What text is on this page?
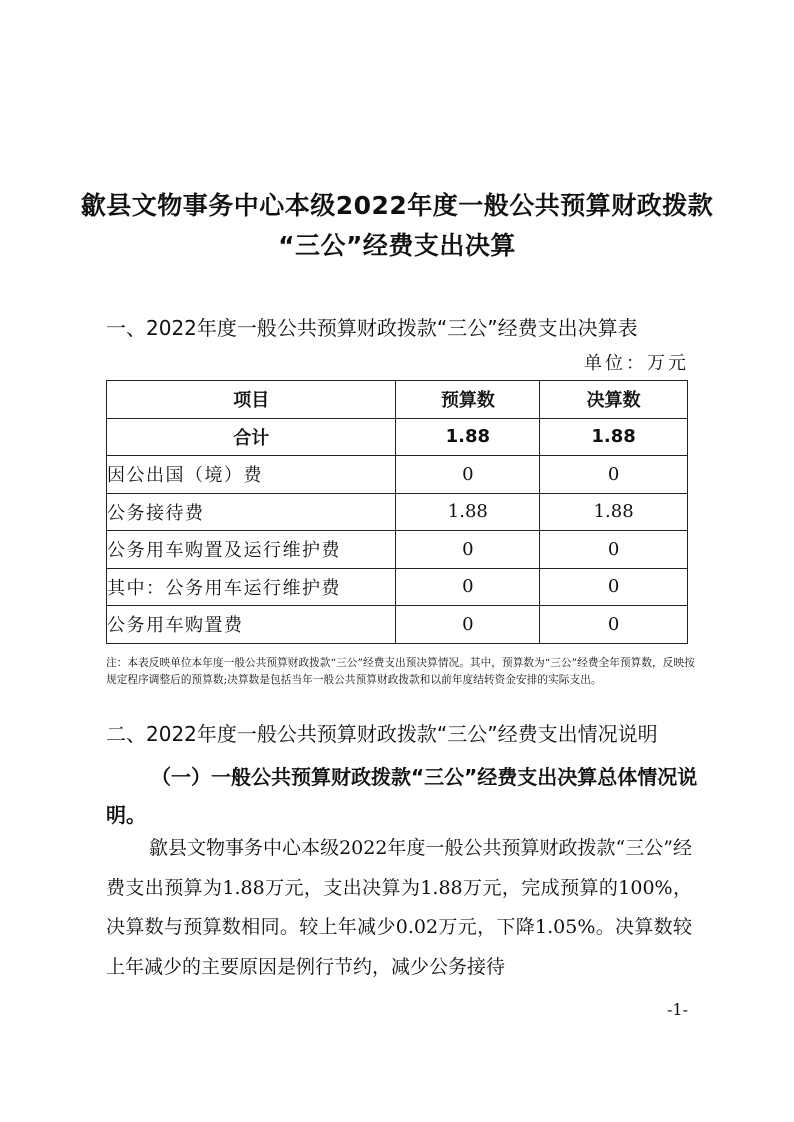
歙县文物事务中心本级2022年度一般公共预算财政拨款
“三公”经费支出决算
一、2022年度一般公共预算财政拨款“三公”经费支出决算表
单位：万元
项目	预算数	决算数
合计	1.88	1.88
因公出国（境）费	0	0
公务接待费	1.88	1.88
公务用车购置及运行维护费	0	0
其中：公务用车运行维护费	0	0
公务用车购置费	0	0
注：本表反映单位本年度一般公共预算财政拨款“三公”经费支出预决算情况。其中，预算数为“三公”经费全年预算数，反映按规定程序调整后的预算数;决算数是包括当年一般公共预算财政拨款和以前年度结转资金安排的实际支出。
二、2022年度一般公共预算财政拨款“三公”经费支出情况说明
（一）一般公共预算财政拨款“三公”经费支出决算总体情况说明。
歙县文物事务中心本级2022年度一般公共预算财政拨款“三公”经费支出预算为1.88万元，支出决算为1.88万元，完成预算的100%，决算数与预算数相同。较上年减少0.02万元，下降1.05%。决算数较上年减少的主要原因是例行节约，减少公务接待
-1-
